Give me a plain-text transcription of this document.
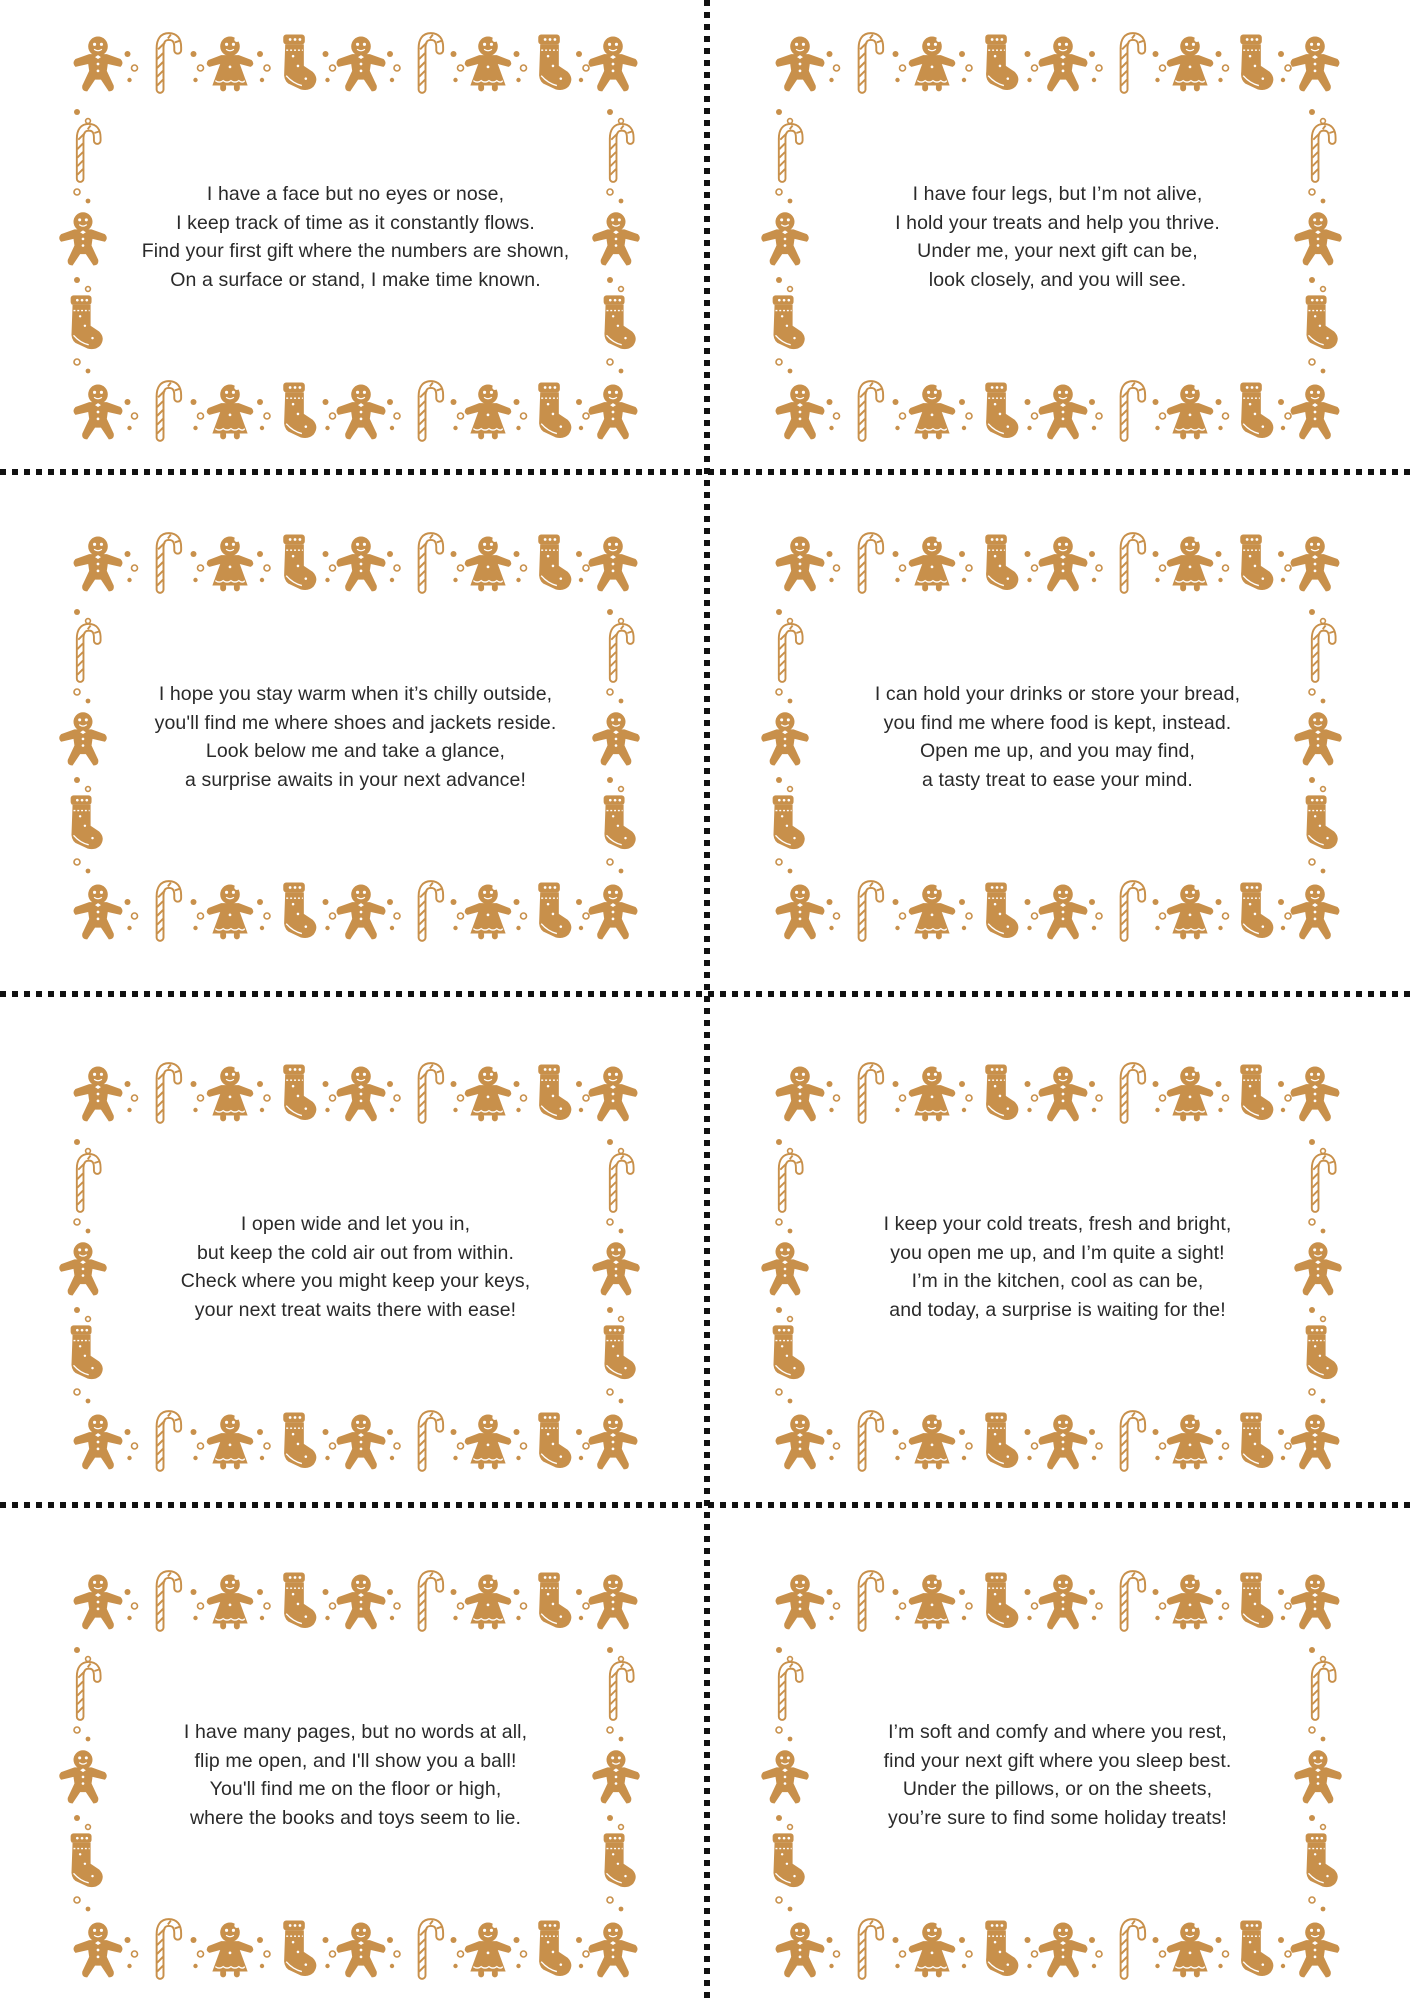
I have a face but no eyes or nose,
I keep track of time as it constantly flows.
Find your first gift where the numbers are shown,
On a surface or stand, I make time known.
I have four legs, but I’m not alive,
I hold your treats and help you thrive.
Under me, your next gift can be,
look closely, and you will see.
I hope you stay warm when it’s chilly outside,
you'll find me where shoes and jackets reside.
Look below me and take a glance,
a surprise awaits in your next advance!
I can hold your drinks or store your bread,
you find me where food is kept, instead.
Open me up, and you may find,
a tasty treat to ease your mind.
I open wide and let you in,
but keep the cold air out from within.
Check where you might keep your keys,
your next treat waits there with ease!
I keep your cold treats, fresh and bright,
you open me up, and I’m quite a sight!
I’m in the kitchen, cool as can be,
and today, a surprise is waiting for the!
I have many pages, but no words at all,
flip me open, and I'll show you a ball!
You'll find me on the floor or high,
where the books and toys seem to lie.
I’m soft and comfy and where you rest,
find your next gift where you sleep best.
Under the pillows, or on the sheets,
you’re sure to find some holiday treats!
